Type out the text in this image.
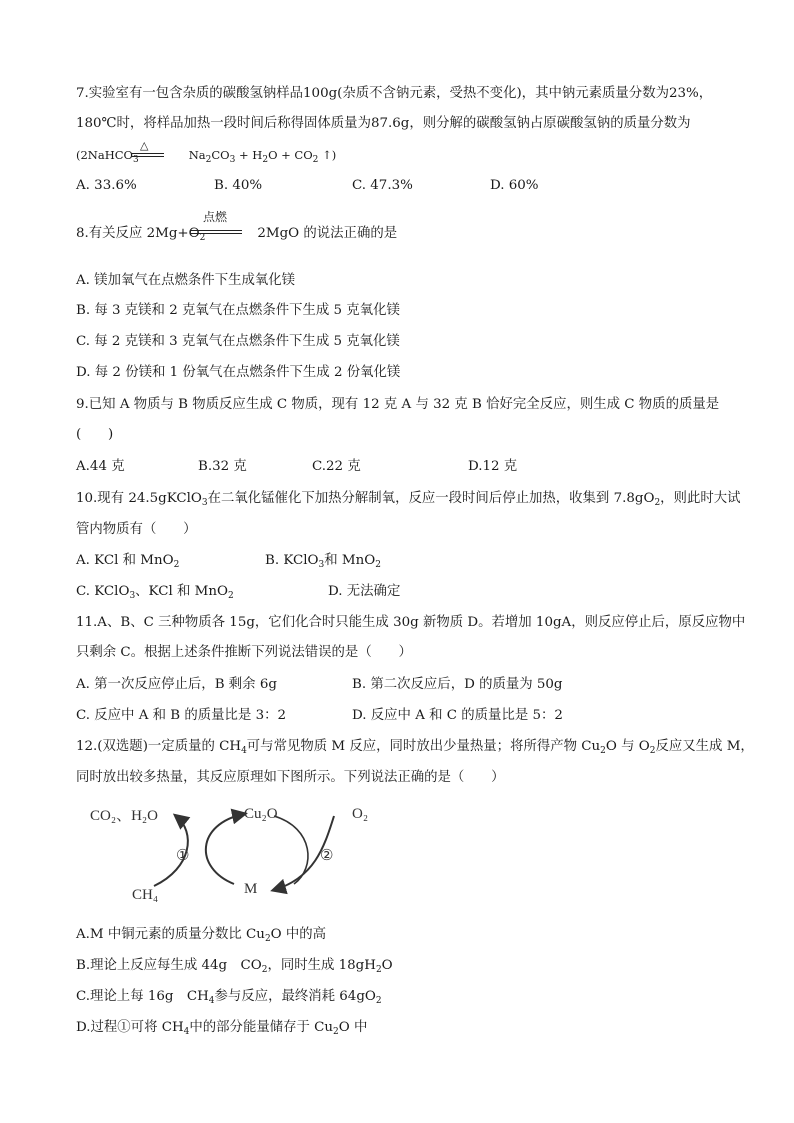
7.实验室有一包含杂质的碳酸氢钠样品100g(杂质不含钠元素，受热不变化)，其中钠元素质量分数为23%，
180℃时，将样品加热一段时间后称得固体质量为87.6g，则分解的碳酸氢钠占原碳酸氢钠的质量分数为
(2NaHCO$_3$	$Na_2CO_3 + H_2O + CO_2$ ↑)
△
A. 33.6%	B. 40%	C. 47.3%	D. 60%
8.有关反应 $2Mg+O_2$	2MgO 的说法正确的是
点燃
A. 镁加氧气在点燃条件下生成氧化镁
B. 每 3 克镁和 2 克氧气在点燃条件下生成 5 克氧化镁
C. 每 2 克镁和 3 克氧气在点燃条件下生成 5 克氧化镁
D. 每 2 份镁和 1 份氧气在点燃条件下生成 2 份氧化镁
9.已知 A 物质与 B 物质反应生成 C 物质，现有 12 克 A 与 32 克 B 恰好完全反应，则生成 C 物质的质量是
(　　)
A.44 克	B.32 克	C.22 克	D.12 克
10.现有 24.5gKClO$_3$在二氧化锰催化下加热分解制氧，反应一段时间后停止加热，收集到 $7.8gO_2$，则此时大试
管内物质有（　　）
A. KCl 和 MnO$_2$	B. KClO$_3$和 MnO$_2$
C. KClO$_3$、KCl 和 MnO$_2$	D. 无法确定
11.A、B、C 三种物质各 15g，它们化合时只能生成 30g 新物质 D。若增加 10gA，则反应停止后，原反应物中
只剩余 C。根据上述条件推断下列说法错误的是（　　）
A. 第一次反应停止后，B 剩余 6g	B. 第二次反应后，D 的质量为 50g
C. 反应中 A 和 B 的质量比是 3：2	D. 反应中 A 和 C 的质量比是 5：2
12.(双选题)一定质量的 $CH_4$可与常见物质 M 反应，同时放出少量热量；将所得产物 $Cu_2O$ 与 $O_2$反应又生成 M，
同时放出较多热量，其反应原理如下图所示。下列说法正确的是（　　）
CO₂、H₂O	Cu₂O	O₂
CH₄	M
①	②
A.M 中铜元素的质量分数比 $Cu_2O$ 中的高
B.理论上反应每生成 44g　$CO_2$，同时生成 $18gH_2O$
C.理论上每 16g　$CH_4$参与反应，最终消耗 $64gO_2$
D.过程①可将 $CH_4$中的部分能量储存于 $Cu_2O$ 中
